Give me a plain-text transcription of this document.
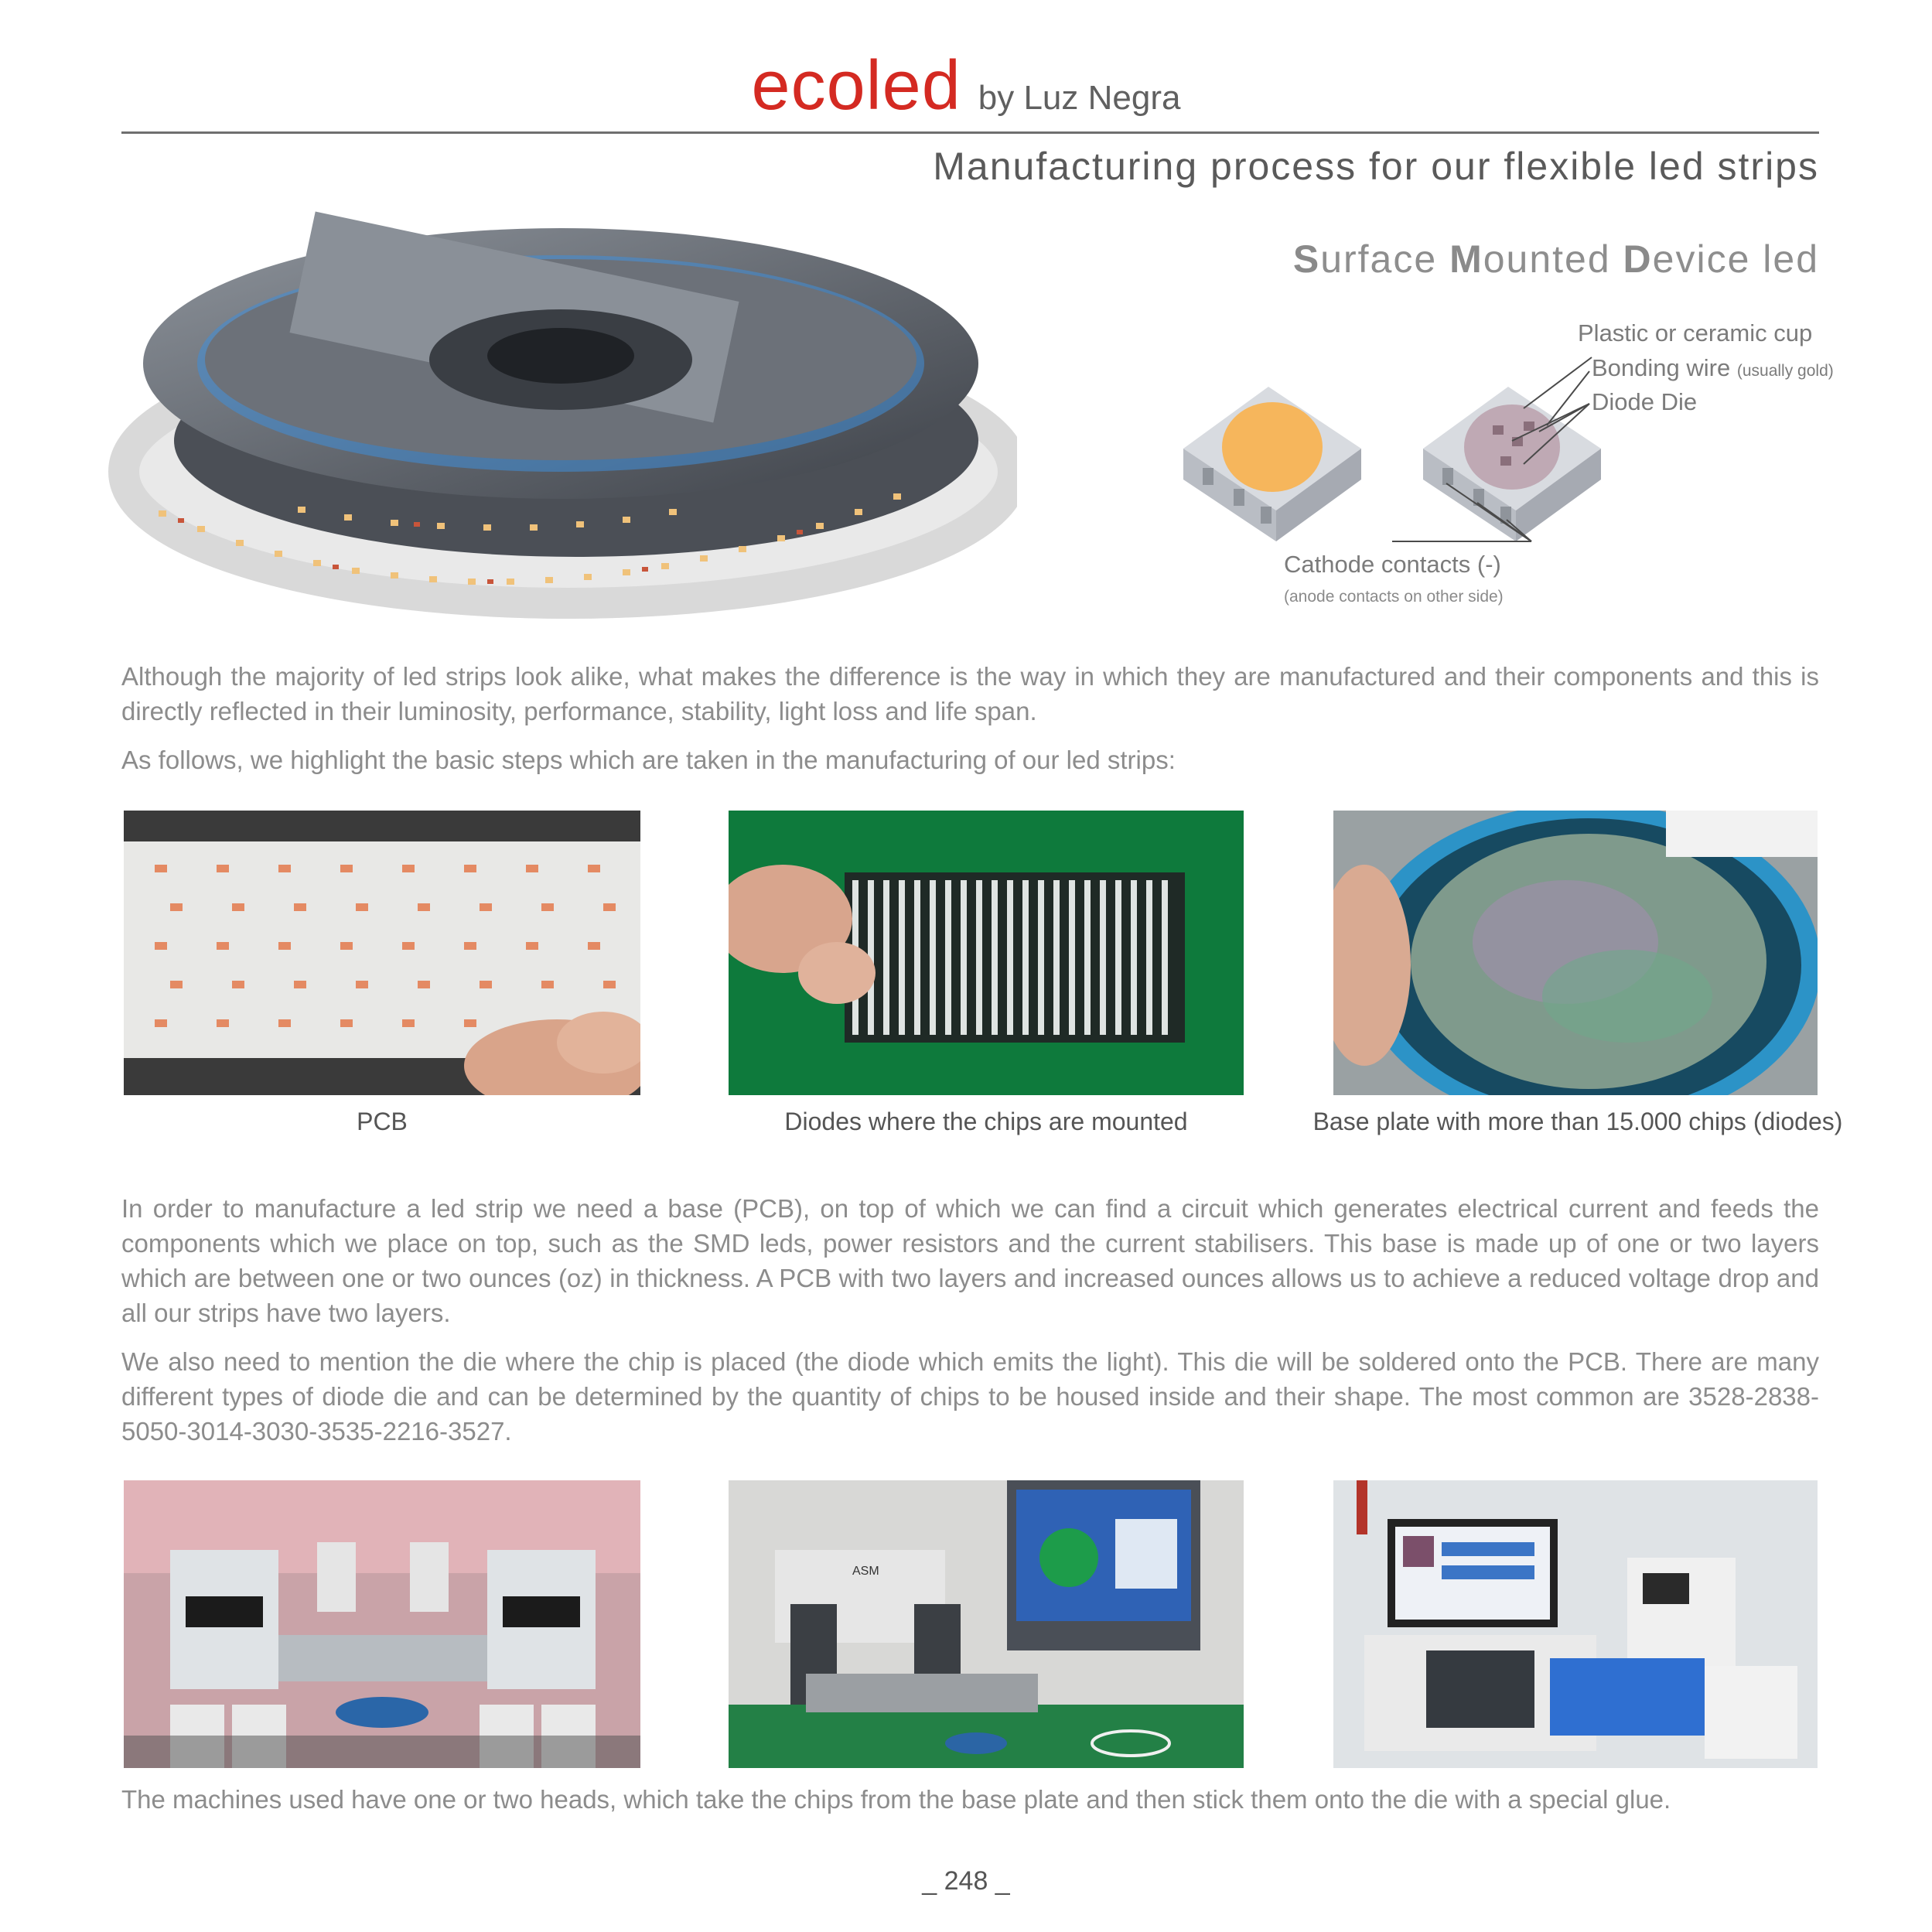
ecoled by Luz Negra
Manufacturing process for our flexible led strips
Surface Mounted Device led
Plastic or ceramic cup
Bonding wire (usually gold)
Diode Die
Cathode contacts (-)
(anode contacts on other side)

Although the majority of led strips look alike, what makes the difference is the way in which they are manufactured and their components and this is directly reflected in their luminosity, performance, stability, light loss and life span.

As follows, we highlight the basic steps which are taken in the manufacturing of our led strips:

PCB	Diodes where the chips are mounted	Base plate with more than 15.000 chips (diodes)

In order to manufacture a led strip we need a base (PCB), on top of which we can find a circuit which generates electrical current and feeds the components which we place on top, such as the SMD leds, power resistors and the current stabilisers. This base is made up of one or two layers which are between one or two ounces (oz) in thickness. A PCB with two layers and increased ounces allows us to achieve a reduced voltage drop and all our strips have two layers.

We also need to mention the die where the chip is placed (the diode which emits the light). This die will be soldered onto the PCB. There are many different types of diode die and can be determined by the quantity of chips to be housed inside and their shape. The most common are 3528-2838-5050-3014-3030-3535-2216-3527.

ASM
The machines used have one or two heads, which take the chips from the base plate and then stick them onto the die with a special glue.
_ 248 _
